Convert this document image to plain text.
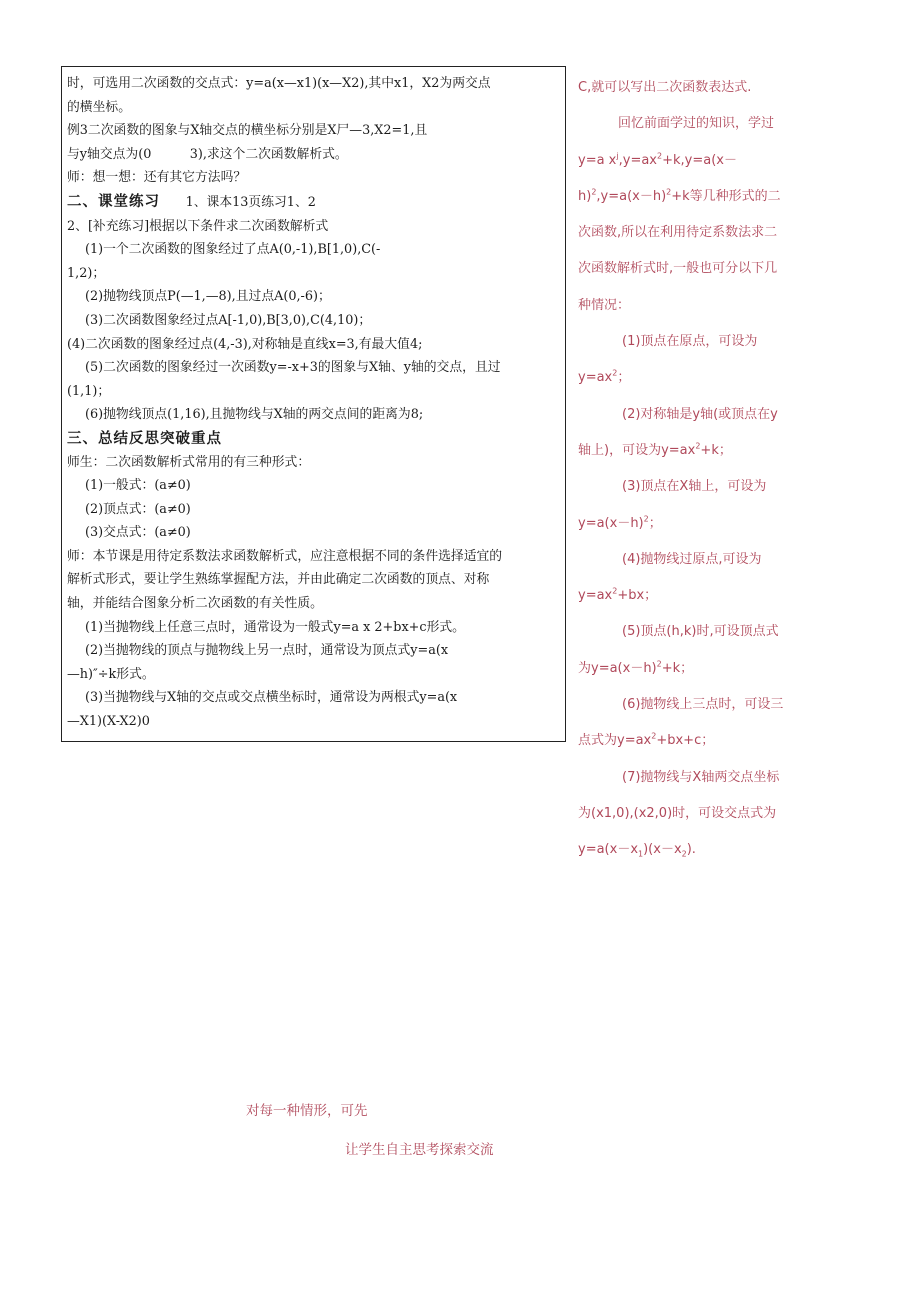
时，可选用二次函数的交点式：y=a(x—x1)(x—X2),其中x1，X2为两交点
的横坐标。
例3二次函数的图象与X轴交点的横坐标分别是X尸—3,X2=1,且
与y轴交点为(0　　　3),求这个二次函数解析式。
师：想一想：还有其它方法吗？
二、课堂练习　　 1、课本13页练习1、2
2、[补充练习]根据以下条件求二次函数解析式
(1)一个二次函数的图象经过了点A(0,-1),B[1,0),C(-
1,2)；
(2)抛物线顶点P(—1,—8),且过点A(0,-6)；
(3)二次函数图象经过点A[-1,0),B[3,0),C(4,10)；
(4)二次函数的图象经过点(4,-3),对称轴是直线x=3,有最大值4;
(5)二次函数的图象经过一次函数y=-x+3的图象与X轴、y轴的交点，且过
(1,1)；
(6)抛物线顶点(1,16),且抛物线与X轴的两交点间的距离为8;
三、总结反思突破重点
师生：二次函数解析式常用的有三种形式：
(1)一般式：(a≠0)
(2)顶点式：(a≠0)
(3)交点式：(a≠0)
师：本节课是用待定系数法求函数解析式，应注意根据不同的条件选择适宜的
解析式形式，要让学生熟练掌握配方法，并由此确定二次函数的顶点、对称
轴，并能结合图象分析二次函数的有关性质。
(1)当抛物线上任意三点时，通常设为一般式y=a x 2+bx+c形式。
(2)当抛物线的顶点与抛物线上另一点时，通常设为顶点式y=a(x
—h)″÷k形式。
(3)当抛物线与X轴的交点或交点横坐标时，通常设为两根式y=a(x
—X1)(X-X2)0

C,就可以写出二次函数表达式.

回忆前面学过的知识，学过y=a $x^j,y=ax^2+k,y=a(x-h)^2,y=a(x-h)^2+k$等几种形式的二次函数,所以在利用待定系数法求二次函数解析式时,一般也可分以下几种情况：

(1)顶点在原点，可设为$y=ax^2$；

(2)对称轴是y轴(或顶点在y轴上)，可设为$y=ax^2+k$；

(3)顶点在X轴上，可设为$y=a(x-h)^2$；

(4)抛物线过原点,可设为$y=ax^2+bx$；

(5)顶点(h,k)时,可设顶点式为$y=a(x-h)^2+k$；

(6)抛物线上三点时，可设三点式为$y=ax^2+bx+c$；

(7)抛物线与X轴两交点坐标为(x1,0),(x2,0)时，可设交点式为$y=a(x-x_1)(x-x_2)$.

对每一种情形，可先
让学生自主思考探索交流
